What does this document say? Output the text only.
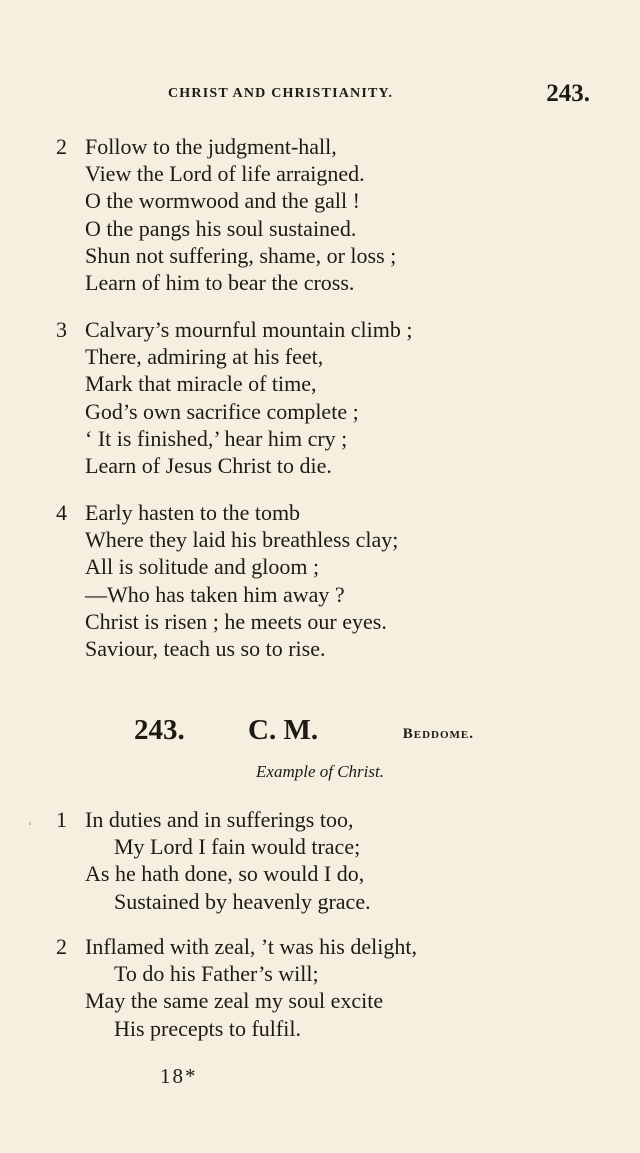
CHRIST AND CHRISTIANITY.	243.
2 Follow to the judgment-hall,
View the Lord of life arraigned.
O the wormwood and the gall !
O the pangs his soul sustained.
Shun not suffering, shame, or loss ;
Learn of him to bear the cross.
3 Calvary’s mournful mountain climb ;
There, admiring at his feet,
Mark that miracle of time,
God’s own sacrifice complete ;
‘ It is finished,’ hear him cry ;
Learn of Jesus Christ to die.
4 Early hasten to the tomb
Where they laid his breathless clay;
All is solitude and gloom ;
—Who has taken him away ?
Christ is risen ; he meets our eyes.
Saviour, teach us so to rise.
243. C. M.	Beddome.
Example of Christ.
ʻ 1 In duties and in sufferings too,
My Lord I fain would trace;
As he hath done, so would I do,
Sustained by heavenly grace.
2 Inflamed with zeal, ’t was his delight,
To do his Father’s will;
May the same zeal my soul excite
His precepts to fulfil.
18*
